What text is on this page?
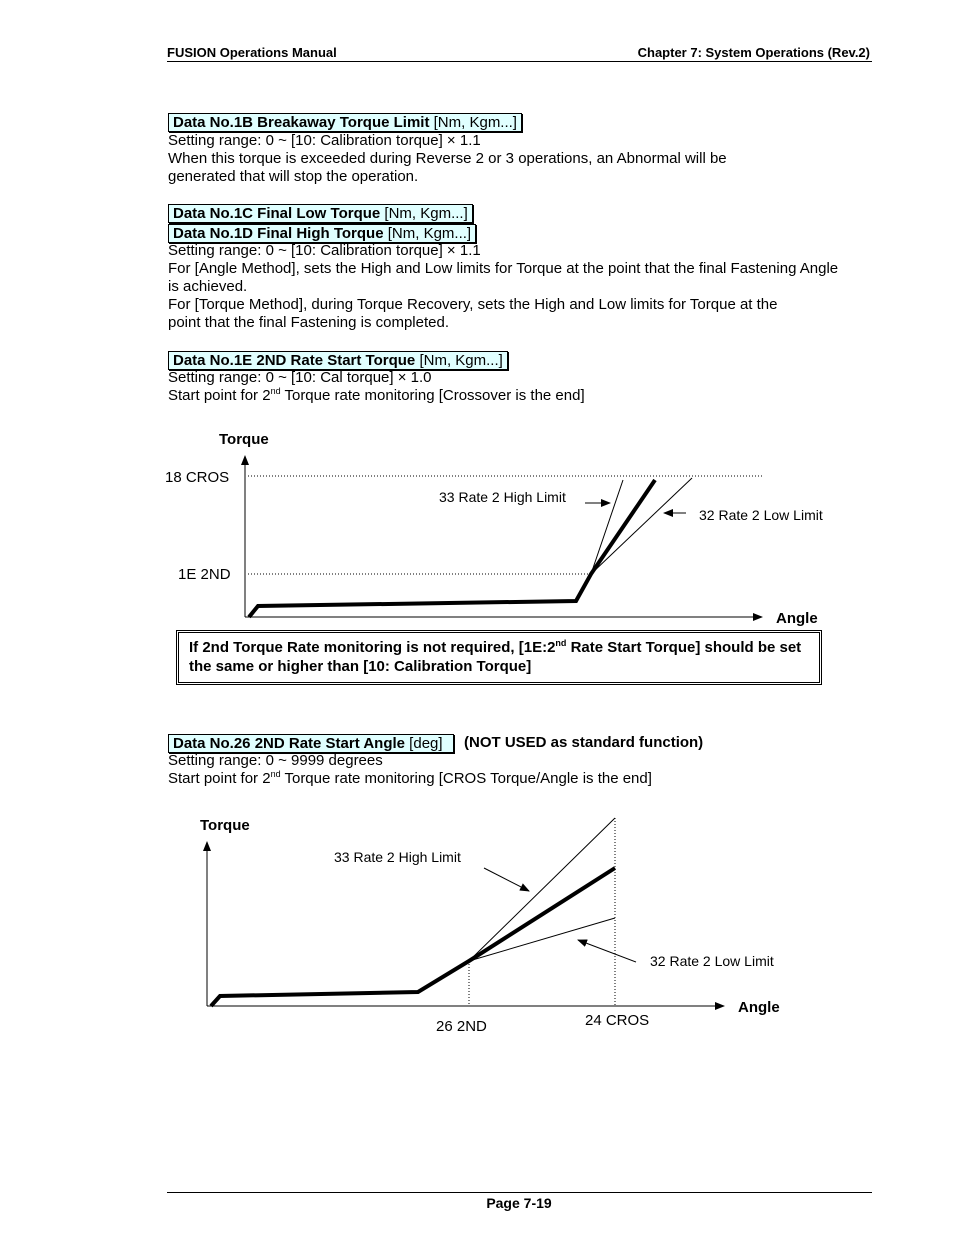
FUSION Operations Manual	Chapter 7: System Operations (Rev.2)
Data No.1B Breakaway Torque Limit [Nm, Kgm...]
Setting range: 0 ~ [10: Calibration torque] × 1.1
When this torque is exceeded during Reverse 2 or 3 operations, an Abnormal will be
generated that will stop the operation.
Data No.1C Final Low Torque [Nm, Kgm...]
Data No.1D Final High Torque [Nm, Kgm...]
Setting range: 0 ~ [10: Calibration torque] × 1.1
For [Angle Method], sets the High and Low limits for Torque at the point that the final Fastening Angle
is achieved.
For [Torque Method], during Torque Recovery, sets the High and Low limits for Torque at the
point that the final Fastening is completed.
Data No.1E 2ND Rate Start Torque [Nm, Kgm...]
Setting range: 0 ~ [10: Cal torque] × 1.0
Start point for 2nd Torque rate monitoring [Crossover is the end]
Torque
Angle
18 CROS
1E 2ND
33 Rate 2 High Limit
32 Rate 2 Low Limit
If 2nd Torque Rate monitoring is not required, [1E:2nd Rate Start Torque] should be set the same or higher than [10: Calibration Torque]
Data No.26 2ND Rate Start Angle [deg]	(NOT USED as standard function)
Setting range: 0 ~ 9999 degrees
Start point for 2nd Torque rate monitoring [CROS Torque/Angle is the end]
Torque
Angle
33 Rate 2 High Limit
32 Rate 2 Low Limit
26 2ND	24 CROS
Page 7-19
